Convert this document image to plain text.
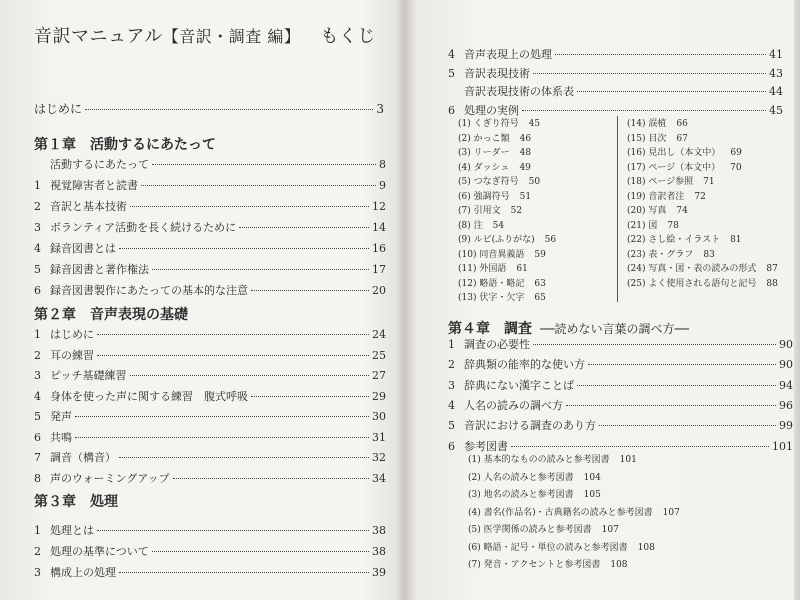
音訳マニュアル【音訳・調査 編】 もくじ
はじめに	3
第１章　活動するにあたって
活動するにあたって	8
1 視覚障害者と読書	9
2 音訳と基本技術	12
3 ボランティア活動を長く続けるために	14
4 録音図書とは	16
5 録音図書と著作権法	17
6 録音図書製作にあたっての基本的な注意	20
第２章　音声表現の基礎
1 はじめに	24
2 耳の練習	25
3 ピッチ基礎練習	27
4 身体を使った声に関する練習　腹式呼吸	29
5 発声	30
6 共鳴	31
7 調音（構音）	32
8 声のウォーミングアップ	34
第３章　処理
1 処理とは	38
2 処理の基準について	38
3 構成上の処理	39
4 音声表現上の処理	41
5 音訳表現技術	43
音訳表現技術の体系表	44
6 処理の実例	45
(1) くぎり符号 45
(2) かっこ類 46
(3) リーダー 48
(4) ダッシュ 49
(5) つなぎ符号 50
(6) 強調符号 51
(7) 引用文 52
(8) 注 54
(9) ルビ(ふりがな) 56
(10) 同音異義語 59
(11) 外国語 61
(12) 略語・略記 63
(13) 伏字・欠字 65
(14) 誤植 66
(15) 目次 67
(16) 見出し（本文中） 69
(17) ページ（本文中） 70
(18) ページ参照 71
(19) 音訳者注 72
(20) 写真 74
(21) 図 78
(22) さし絵・イラスト 81
(23) 表・グラフ 83
(24) 写真・図・表の読みの形式 87
(25) よく使用される語句と記号 88
第４章　調査 ──読めない言葉の調べ方──
1 調査の必要性	90
2 辞典類の能率的な使い方	90
3 辞典にない漢字ことば	94
4 人名の読みの調べ方	96
5 音訳における調査のあり方	99
6 参考図書	101
(1) 基本的なものの読みと参考図書 101
(2) 人名の読みと参考図書 104
(3) 地名の読みと参考図書 105
(4) 書名(作品名)・古典籍名の読みと参考図書 107
(5) 医学関係の読みと参考図書 107
(6) 略語・記号・単位の読みと参考図書 108
(7) 発音・アクセントと参考図書 108
